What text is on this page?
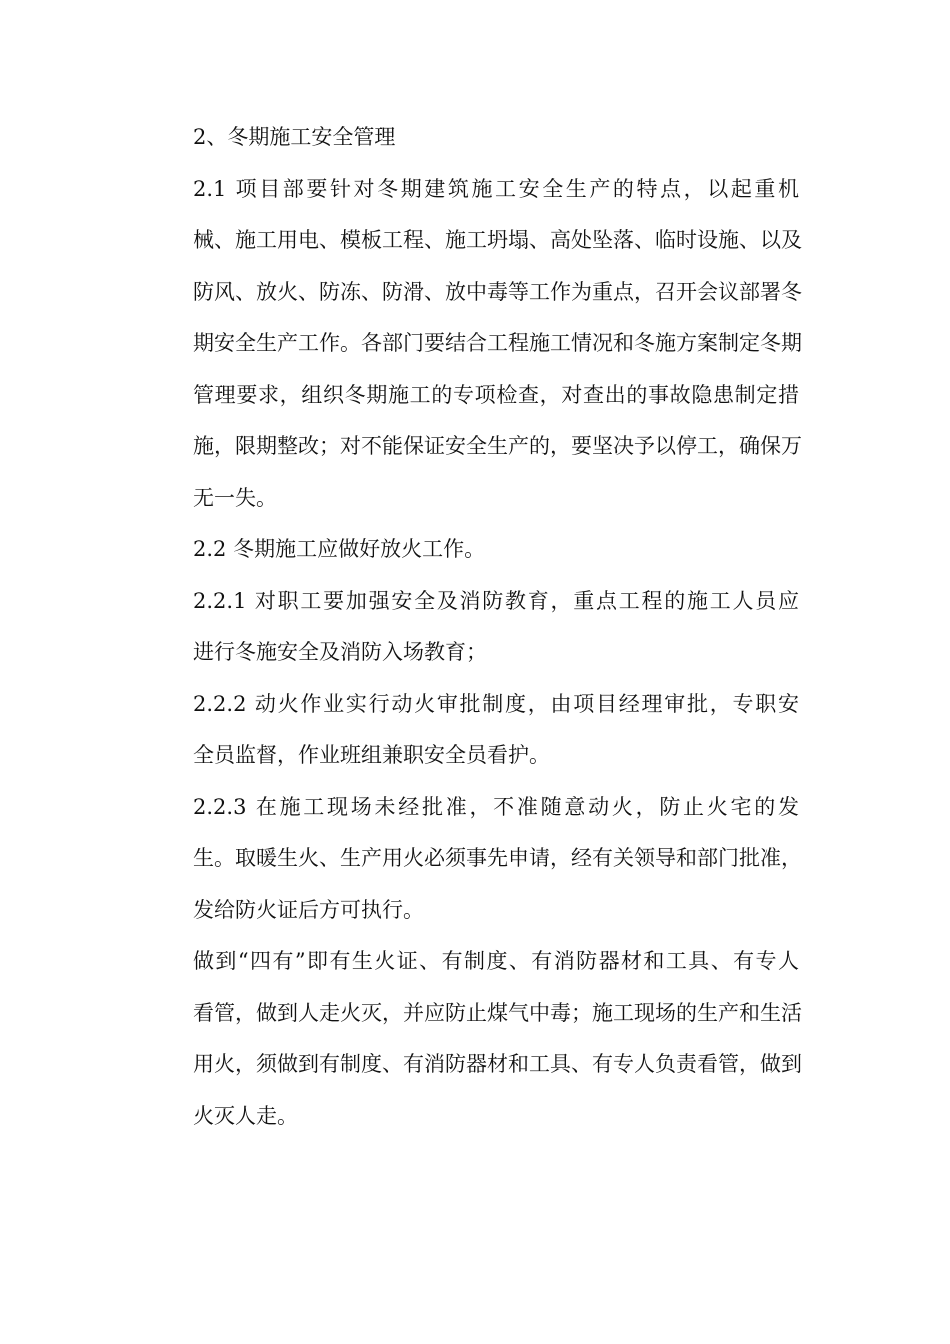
2、冬期施工安全管理

2.1 项目部要针对冬期建筑施工安全生产的特点，以起重机
械、施工用电、模板工程、施工坍塌、高处坠落、临时设施、以及
防风、放火、防冻、防滑、放中毒等工作为重点，召开会议部署冬
期安全生产工作。各部门要结合工程施工情况和冬施方案制定冬期
管理要求，组织冬期施工的专项检查，对查出的事故隐患制定措
施，限期整改；对不能保证安全生产的，要坚决予以停工，确保万
无一失。

2.2 冬期施工应做好放火工作。

2.2.1 对职工要加强安全及消防教育，重点工程的施工人员应
进行冬施安全及消防入场教育；

2.2.2 动火作业实行动火审批制度，由项目经理审批，专职安
全员监督，作业班组兼职安全员看护。

2.2.3 在施工现场未经批准，不准随意动火，防止火宅的发
生。取暖生火、生产用火必须事先申请，经有关领导和部门批准，
发给防火证后方可执行。

做到“四有”即有生火证、有制度、有消防器材和工具、有专人
看管，做到人走火灭，并应防止煤气中毒；施工现场的生产和生活
用火，须做到有制度、有消防器材和工具、有专人负责看管，做到
火灭人走。
